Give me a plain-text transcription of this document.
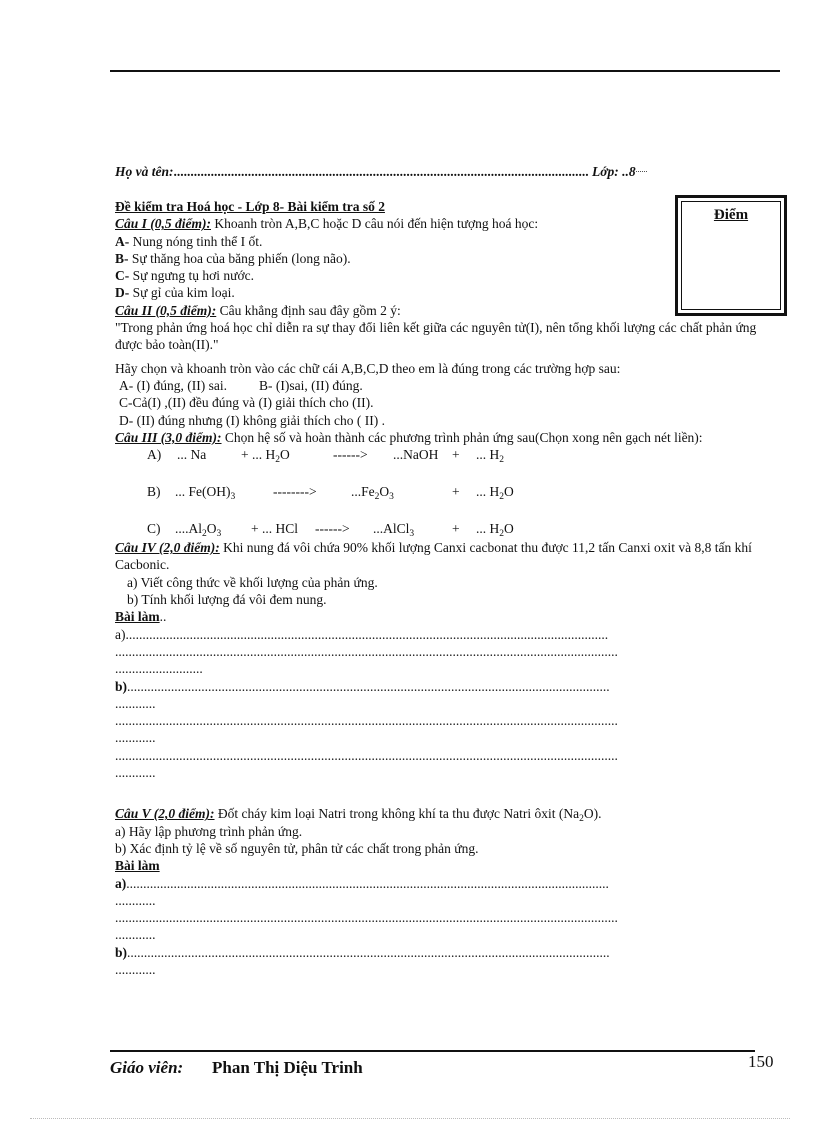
Họ và tên:........................................................................................................................... Lớp: ..8......
Điểm
Đề kiểm tra Hoá học - Lớp 8- Bài kiểm tra số 2
Câu I (0,5 điểm): Khoanh tròn A,B,C hoặc D câu nói đến hiện tượng hoá học:
A- Nung nóng tinh thể I ốt.
B- Sự thăng hoa của băng phiến (long não).
C- Sự ngưng tụ hơi nước.
D- Sự gỉ của kim loại.
Câu II (0,5 điểm): Câu khẳng định sau đây gồm 2 ý:
"Trong phản ứng hoá học chỉ diễn ra sự thay đổi liên kết giữa các nguyên tử(I), nên tổng khối lượng các chất phản ứng được bảo toàn(II)."
Hãy chọn và khoanh tròn vào các chữ cái A,B,C,D theo em là đúng trong các trường hợp sau:
A- (I) đúng, (II) sai. B- (I)sai, (II) đúng.
C-Cả(I) ,(II) đều đúng và (I) giải thích cho (II).
D- (II) đúng nhưng (I) không giải thích cho ( II) .
Câu III (3,0 điểm): Chọn hệ số và hoàn thành các phương trình phản ứng sau(Chọn xong nên gạch nét liền):
A) ... Na	+ ... $H_2O$	------> ...NaOH + ... $H_2$
B) ... $Fe(OH)_3$	-------->	$...Fe_2O_3$	+ ... $H_2O$
C) $....Al_2O_3$ + ... HCl ------> ...AlCl$_3$	+ ... $H_2O$
Câu IV (2,0 điểm): Khi nung đá vôi chứa 90% khối lượng Canxi cacbonat thu được 11,2 tấn Canxi oxit và 8,8 tấn khí Cacbonic.
a) Viết công thức về khối lượng của phản ứng.
b) Tính khối lượng đá vôi đem nung.
Bài làm..
a)...............................................................................................................................................
.....................................................................................................................................................
..........................
b)...............................................................................................................................................
............
.....................................................................................................................................................
............
.....................................................................................................................................................
............
Câu V (2,0 điểm): Đốt cháy kim loại Natri trong không khí ta thu được Natri ôxit $(Na_2O)$.
a) Hãy lập phương trình phản ứng.
b) Xác định tỷ lệ về số nguyên tử, phân tử các chất trong phản ứng.
Bài làm
a)...............................................................................................................................................
............
.....................................................................................................................................................
............
b)...............................................................................................................................................
............
Giáo viên: Phan Thị Diệu Trinh	150
